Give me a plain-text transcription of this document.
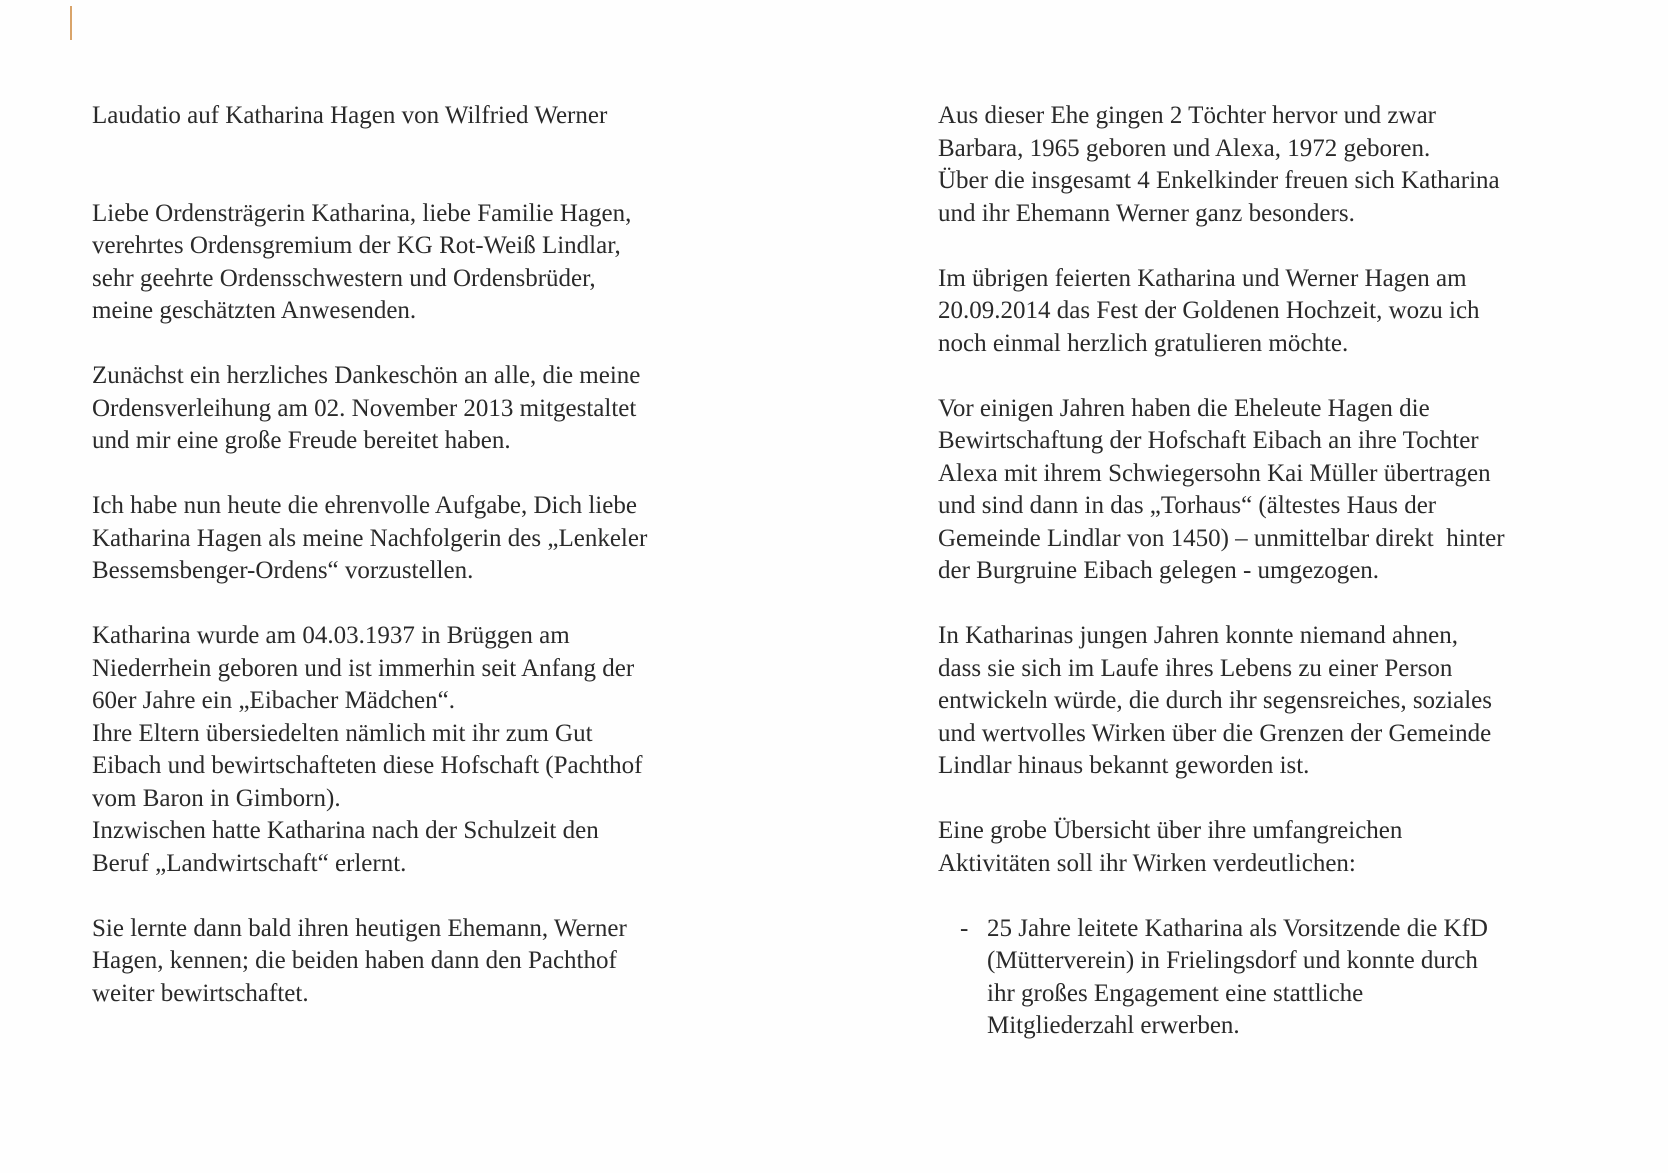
Laudatio auf Katharina Hagen von Wilfried Werner
Liebe Ordensträgerin Katharina, liebe Familie Hagen,
verehrtes Ordensgremium der KG Rot-Weiß Lindlar,
sehr geehrte Ordensschwestern und Ordensbrüder,
meine geschätzten Anwesenden.
Zunächst ein herzliches Dankeschön an alle, die meine
Ordensverleihung am 02. November 2013 mitgestaltet
und mir eine große Freude bereitet haben.
Ich habe nun heute die ehrenvolle Aufgabe, Dich liebe
Katharina Hagen als meine Nachfolgerin des „Lenkeler
Bessemsbenger-Ordens“ vorzustellen.
Katharina wurde am 04.03.1937 in Brüggen am
Niederrhein geboren und ist immerhin seit Anfang der
60er Jahre ein „Eibacher Mädchen“.
Ihre Eltern übersiedelten nämlich mit ihr zum Gut
Eibach und bewirtschafteten diese Hofschaft (Pachthof
vom Baron in Gimborn).
Inzwischen hatte Katharina nach der Schulzeit den
Beruf „Landwirtschaft“ erlernt.
Sie lernte dann bald ihren heutigen Ehemann, Werner
Hagen, kennen; die beiden haben dann den Pachthof
weiter bewirtschaftet.
Aus dieser Ehe gingen 2 Töchter hervor und zwar
Barbara, 1965 geboren und Alexa, 1972 geboren.
Über die insgesamt 4 Enkelkinder freuen sich Katharina
und ihr Ehemann Werner ganz besonders.
Im übrigen feierten Katharina und Werner Hagen am
20.09.2014 das Fest der Goldenen Hochzeit, wozu ich
noch einmal herzlich gratulieren möchte.
Vor einigen Jahren haben die Eheleute Hagen die
Bewirtschaftung der Hofschaft Eibach an ihre Tochter
Alexa mit ihrem Schwiegersohn Kai Müller übertragen
und sind dann in das „Torhaus“ (ältestes Haus der
Gemeinde Lindlar von 1450) – unmittelbar direkt  hinter
der Burgruine Eibach gelegen - umgezogen.
In Katharinas jungen Jahren konnte niemand ahnen,
dass sie sich im Laufe ihres Lebens zu einer Person
entwickeln würde, die durch ihr segensreiches, soziales
und wertvolles Wirken über die Grenzen der Gemeinde
Lindlar hinaus bekannt geworden ist.
Eine grobe Übersicht über ihre umfangreichen
Aktivitäten soll ihr Wirken verdeutlichen:
- 25 Jahre leitete Katharina als Vorsitzende die KfD
(Mütterverein) in Frielingsdorf und konnte durch
ihr großes Engagement eine stattliche
Mitgliederzahl erwerben.
